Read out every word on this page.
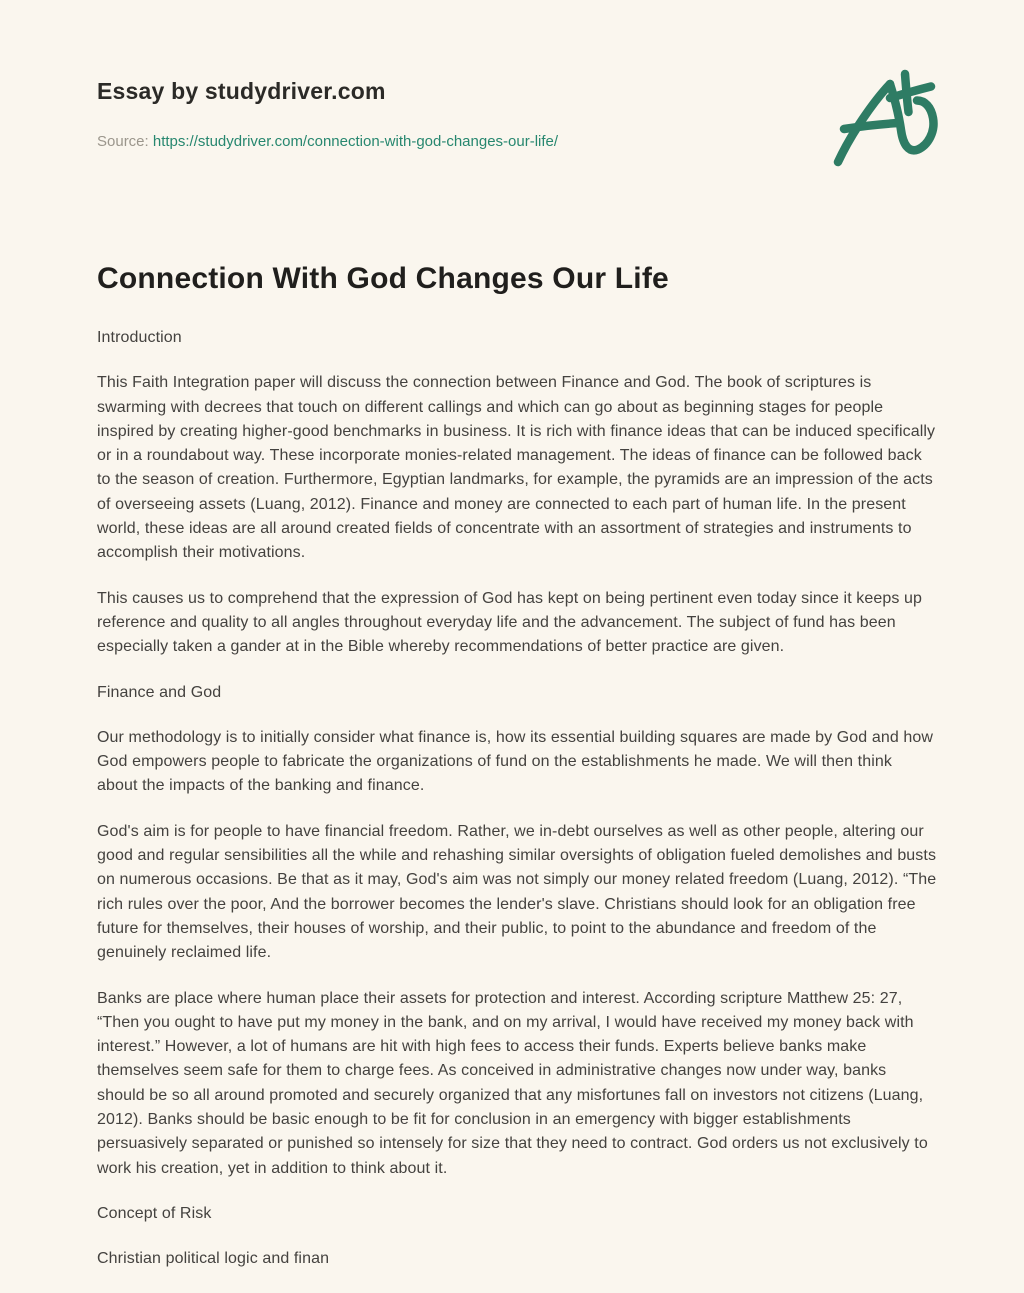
Essay by studydriver.com
Source: https://studydriver.com/connection-with-god-changes-our-life/
Connection With God Changes Our Life

Introduction

This Faith Integration paper will discuss the connection between Finance and God. The book of scriptures is swarming with decrees that touch on different callings and which can go about as beginning stages for people inspired by creating higher-good benchmarks in business. It is rich with finance ideas that can be induced specifically or in a roundabout way. These incorporate monies-related management. The ideas of finance can be followed back to the season of creation. Furthermore, Egyptian landmarks, for example, the pyramids are an impression of the acts of overseeing assets (Luang, 2012). Finance and money are connected to each part of human life. In the present world, these ideas are all around created fields of concentrate with an assortment of strategies and instruments to accomplish their motivations.

This causes us to comprehend that the expression of God has kept on being pertinent even today since it keeps up reference and quality to all angles throughout everyday life and the advancement. The subject of fund has been especially taken a gander at in the Bible whereby recommendations of better practice are given.

Finance and God

Our methodology is to initially consider what finance is, how its essential building squares are made by God and how God empowers people to fabricate the organizations of fund on the establishments he made. We will then think about the impacts of the banking and finance.

God's aim is for people to have financial freedom. Rather, we in-debt ourselves as well as other people, altering our good and regular sensibilities all the while and rehashing similar oversights of obligation fueled demolishes and busts on numerous occasions. Be that as it may, God's aim was not simply our money related freedom (Luang, 2012). “The rich rules over the poor, And the borrower becomes the lender's slave. Christians should look for an obligation free future for themselves, their houses of worship, and their public, to point to the abundance and freedom of the genuinely reclaimed life.

Banks are place where human place their assets for protection and interest. According scripture Matthew 25: 27, “Then you ought to have put my money in the bank, and on my arrival, I would have received my money back with interest.” However, a lot of humans are hit with high fees to access their funds. Experts believe banks make themselves seem safe for them to charge fees. As conceived in administrative changes now under way, banks should be so all around promoted and securely organized that any misfortunes fall on investors not citizens (Luang, 2012). Banks should be basic enough to be fit for conclusion in an emergency with bigger establishments persuasively separated or punished so intensely for size that they need to contract. God orders us not exclusively to work his creation, yet in addition to think about it.

Concept of Risk

Christian political logic and finan
